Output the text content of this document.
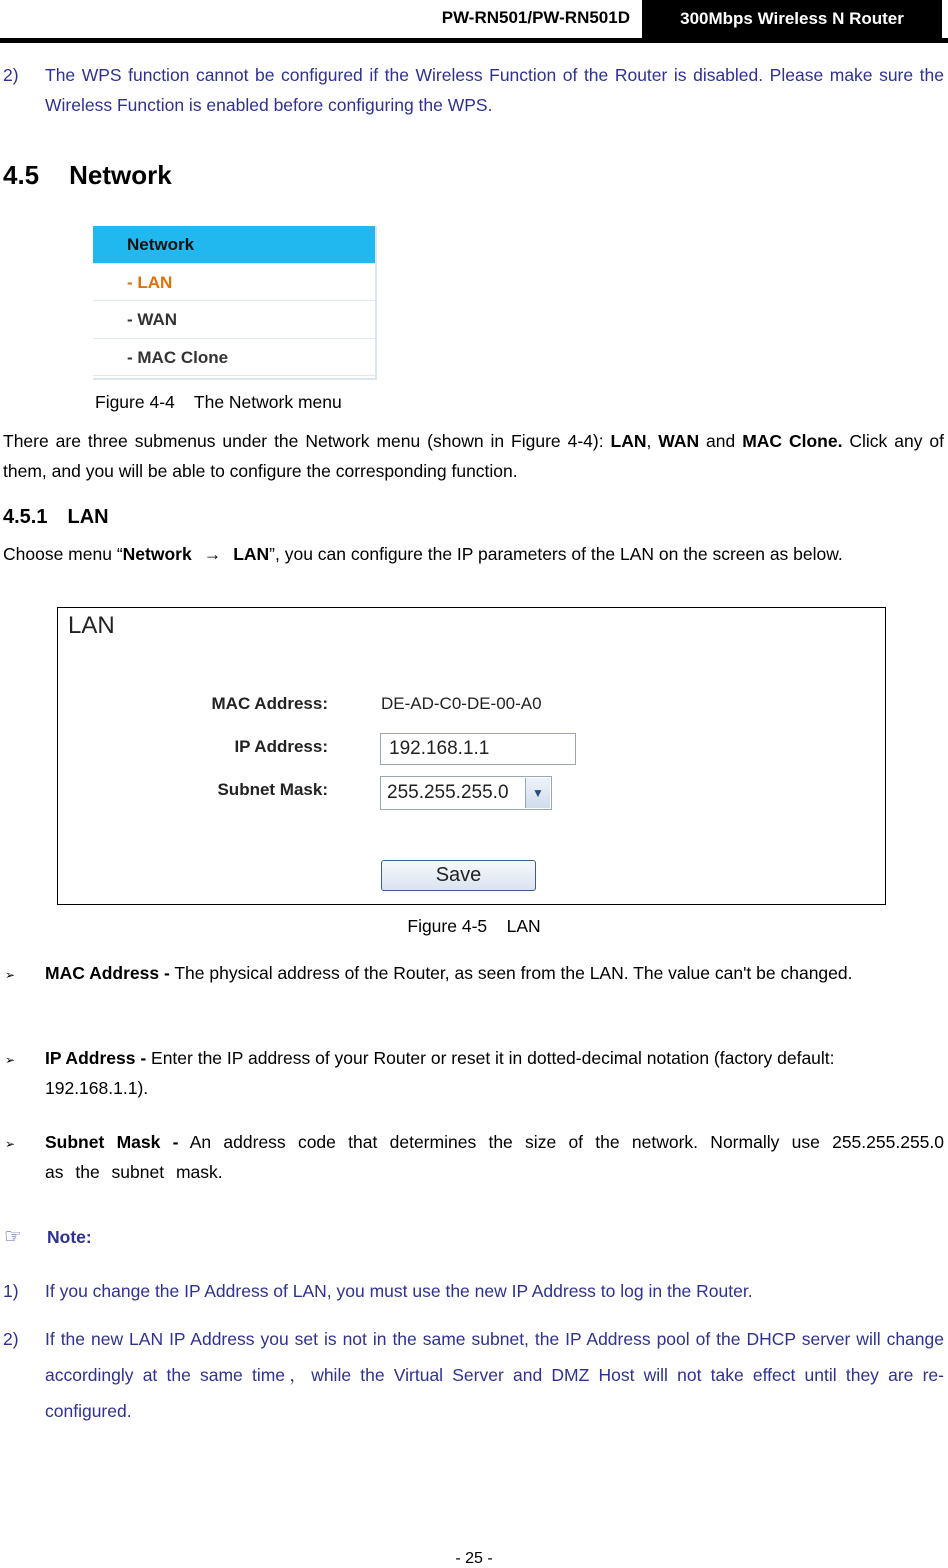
PW-RN501/PW-RN501D	300Mbps Wireless N Router
2) The WPS function cannot be configured if the Wireless Function of the Router is disabled. Please make sure the Wireless Function is enabled before configuring the WPS.
4.5 Network
Network
- LAN
- WAN
- MAC Clone
Figure 4-4    The Network menu
There are three submenus under the Network menu (shown in Figure 4-4): LAN, WAN and MAC Clone. Click any of them, and you will be able to configure the corresponding function.
4.5.1 LAN
Choose menu “Network → LAN”, you can configure the IP parameters of the LAN on the screen as below.
LAN
MAC Address:	DE-AD-C0-DE-00-A0
IP Address:	192.168.1.1
Subnet Mask:	255.255.255.0	▼
Save
Figure 4-5    LAN
➢ MAC Address - The physical address of the Router, as seen from the LAN. The value can't be changed.
➢ IP Address - Enter the IP address of your Router or reset it in dotted-decimal notation (factory default: 192.168.1.1).
➢ Subnet Mask - An address code that determines the size of the network. Normally use 255.255.255.0 as the subnet mask.
☞ Note:
1) If you change the IP Address of LAN, you must use the new IP Address to log in the Router.
2) If the new LAN IP Address you set is not in the same subnet, the IP Address pool of the DHCP server will change accordingly at the same time，while the Virtual Server and DMZ Host will not take effect until they are re-configured.
- 25 -
